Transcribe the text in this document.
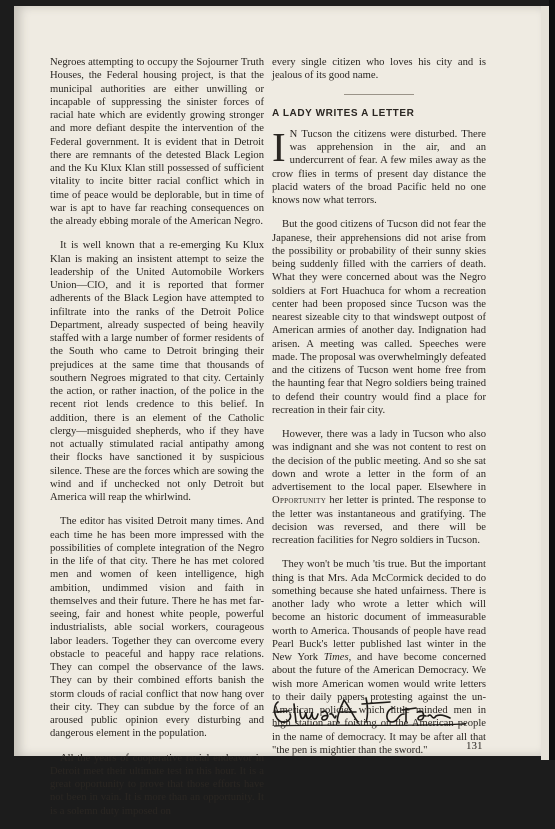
Negroes attempting to occupy the Sojourner Truth Houses, the Federal housing project, is that the municipal authorities are either unwilling or incapable of suppressing the sinister forces of racial hate which are evidently growing stronger and more defiant despite the intervention of the Federal government. It is evident that in Detroit there are remnants of the detested Black Legion and the Ku Klux Klan still possessed of sufficient vitality to incite bitter racial conflict which in time of peace would be deplorable, but in time of war is apt to have far reaching consequences on the already ebbing morale of the American Negro.

It is well known that a re-emerging Ku Klux Klan is making an insistent attempt to seize the leadership of the United Automobile Workers Union—CIO, and it is reported that former adherents of the Black Legion have attempted to infiltrate into the ranks of the Detroit Police Department, already suspected of being heavily staffed with a large number of former residents of the South who came to Detroit bringing their prejudices at the same time that thousands of southern Negroes migrated to that city. Certainly the action, or rather inaction, of the police in the recent riot lends credence to this belief. In addition, there is an element of the Catholic clergy—misguided shepherds, who if they have not actually stimulated racial antipathy among their flocks have sanctioned it by suspicious silence. These are the forces which are sowing the wind and if unchecked not only Detroit but America will reap the whirlwind.

The editor has visited Detroit many times. And each time he has been more impressed with the possibilities of complete integration of the Negro in the life of that city. There he has met colored men and women of keen intelligence, high ambition, undimmed vision and faith in themselves and their future. There he has met far-seeing, fair and honest white people, powerful industrialists, able social workers, courageous labor leaders. Together they can overcome every obstacle to peaceful and happy race relations. They can compel the observance of the laws. They can by their combined efforts banish the storm clouds of racial conflict that now hang over their city. They can subdue by the force of an aroused public opinion every disturbing and dangerous element in the population.

All the years of cooperative racial endeavor in Detroit meet their ultimate test in this hour. It is a great opportunity to prove that those efforts have not been in vain. It is more than an opportunity. It is a solemn duty imposed on

every single citizen who loves his city and is jealous of its good name.

A LADY WRITES A LETTER

I N Tucson the citizens were disturbed. There was apprehension in the air, and an undercurrent of fear. A few miles away as the crow flies in terms of present day distance the placid waters of the broad Pacific held no one knows now what terrors.

But the good citizens of Tucson did not fear the Japanese, their apprehensions did not arise from the possibility or probability of their sunny skies being suddenly filled with the carriers of death. What they were concerned about was the Negro soldiers at Fort Huachuca for whom a recreation center had been proposed since Tucson was the nearest sizeable city to that windswept outpost of American armies of another day. Indignation had arisen. A meeting was called. Speeches were made. The proposal was overwhelmingly defeated and the citizens of Tucson went home free from the haunting fear that Negro soldiers being trained to defend their country would find a place for recreation in their fair city.

However, there was a lady in Tucson who also was indignant and she was not content to rest on the decision of the public meeting. And so she sat down and wrote a letter in the form of an advertisement to the local paper. Elsewhere in Opportunity her letter is printed. The response to the letter was instantaneous and gratifying. The decision was reversed, and there will be recreation facilities for Negro soldiers in Tucson.

They won't be much 'tis true. But the important thing is that Mrs. Ada McCormick decided to do something because she hated unfairness. There is another lady who wrote a letter which will become an historic document of immeasurable worth to America. Thousands of people have read Pearl Buck's letter published last winter in the New York Times, and have become concerned about the future of the American Democracy. We wish more American women would write letters to their daily papers protesting against the un-American policies which little minded men in high station are foisting on the American people in the name of democracy. It may be after all that "the pen is mightier than the sword."	131
